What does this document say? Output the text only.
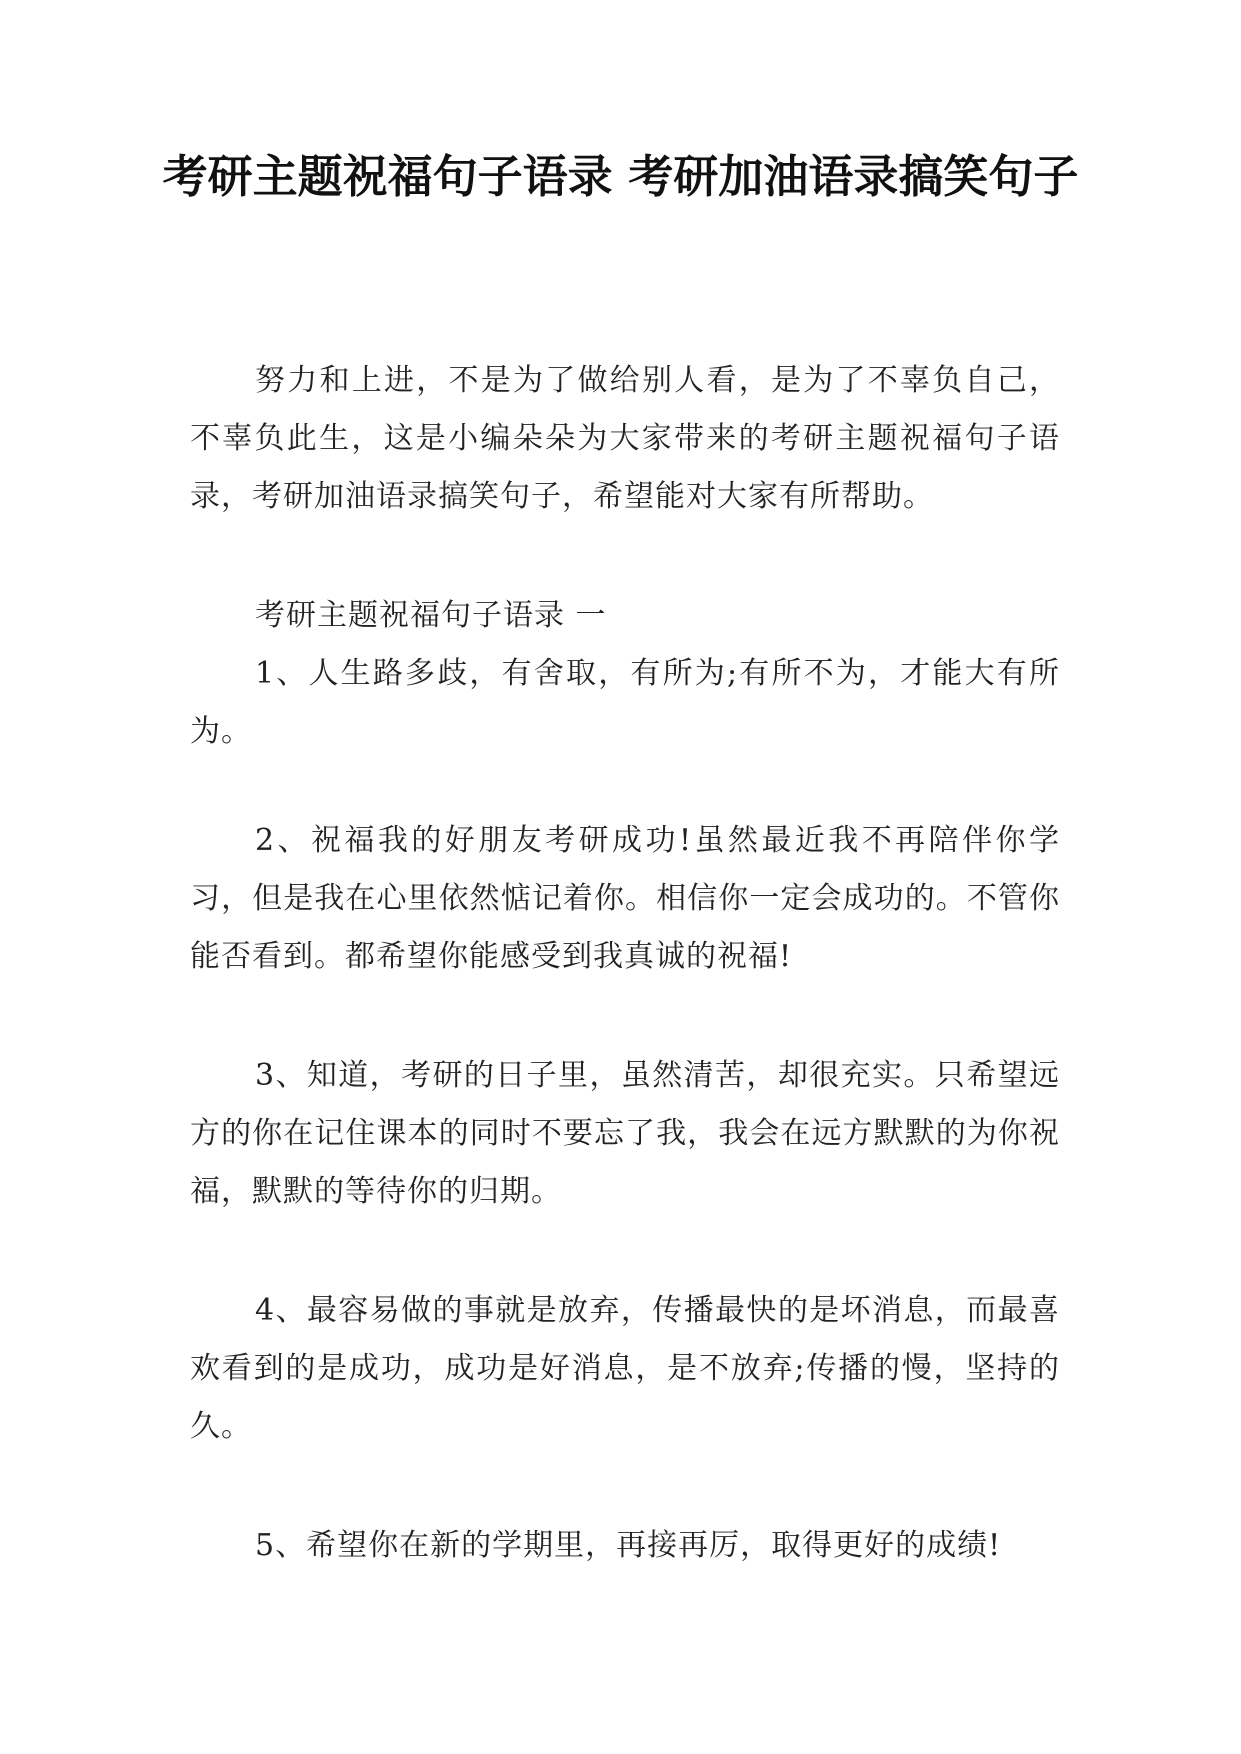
考研主题祝福句子语录 考研加油语录搞笑句子

努力和上进，不是为了做给别人看，是为了不辜负自己，不辜负此生，这是小编朵朵为大家带来的考研主题祝福句子语录，考研加油语录搞笑句子，希望能对大家有所帮助。

考研主题祝福句子语录 一

1、人生路多歧，有舍取，有所为;有所不为，才能大有所为。

2、祝福我的好朋友考研成功!虽然最近我不再陪伴你学习，但是我在心里依然惦记着你。相信你一定会成功的。不管你能否看到。都希望你能感受到我真诚的祝福!

3、知道，考研的日子里，虽然清苦，却很充实。只希望远方的你在记住课本的同时不要忘了我，我会在远方默默的为你祝福，默默的等待你的归期。

4、最容易做的事就是放弃，传播最快的是坏消息，而最喜欢看到的是成功，成功是好消息，是不放弃;传播的慢，坚持的久。

5、希望你在新的学期里，再接再厉，取得更好的成绩!
